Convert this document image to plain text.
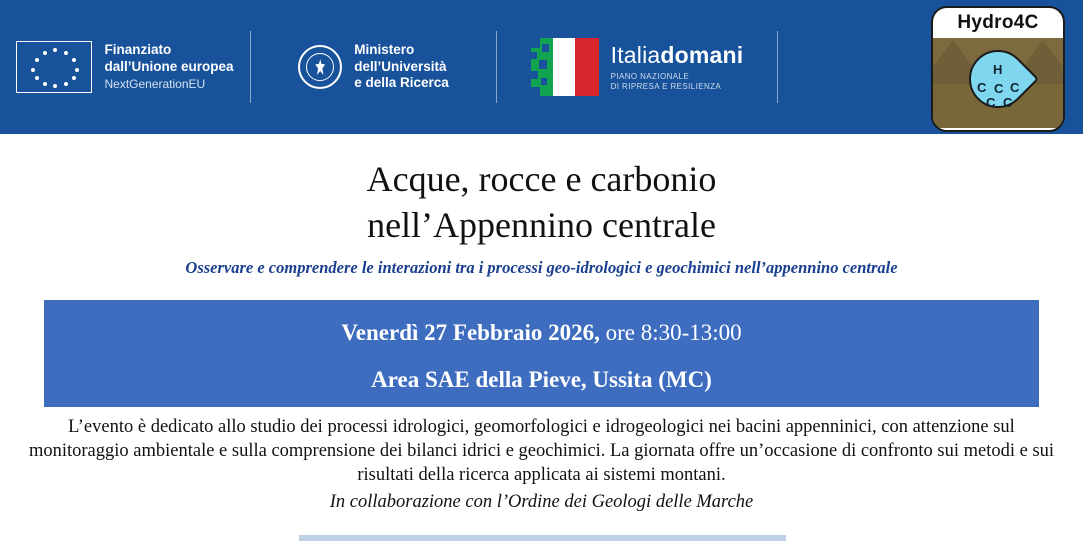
Finanziato
dall’Unione europea
NextGenerationEU
Ministero
dell’Università
e della Ricerca
Italiadomani
PIANO NAZIONALE
DI RIPRESA E RESILIENZA
Hydro4C
H
C C C
C C
Acque, rocce e carbonio
nell’Appennino centrale
Osservare e comprendere le interazioni tra i processi geo-idrologici e geochimici nell’appennino centrale
Venerdì 27 Febbraio 2026, ore 8:30-13:00
Area SAE della Pieve, Ussita (MC)
L’evento è dedicato allo studio dei processi idrologici, geomorfologici e idrogeologici nei bacini appenninici, con attenzione sul monitoraggio ambientale e sulla comprensione dei bilanci idrici e geochimici. La giornata offre un’occasione di confronto sui metodi e sui risultati della ricerca applicata ai sistemi montani.
In collaborazione con l’Ordine dei Geologi delle Marche
